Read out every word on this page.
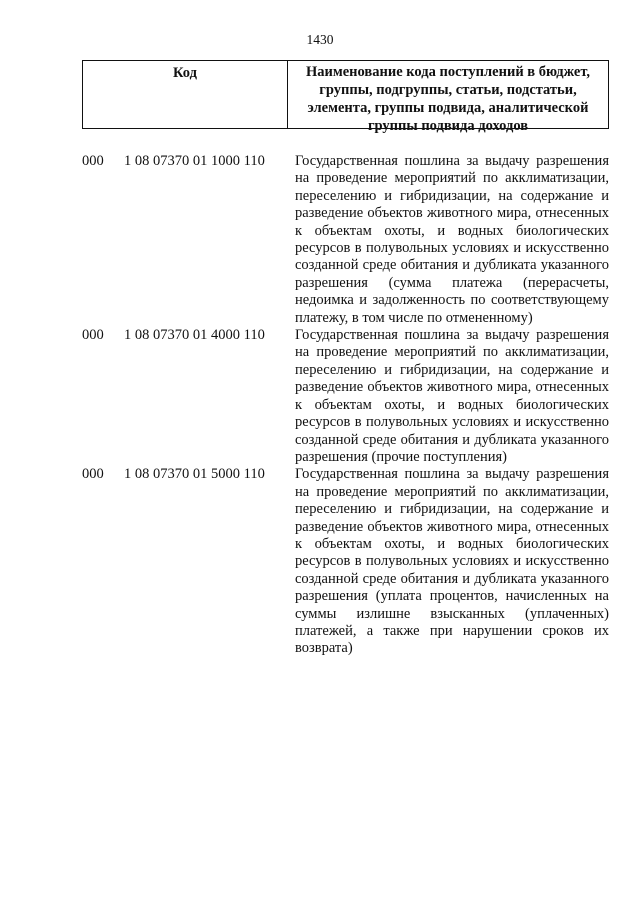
1430
Код	Наименование кода поступлений в бюджет, группы, подгруппы, статьи, подстатьи, элемента, группы подвида, аналитической группы подвида доходов
000	1 08 07370 01 1000 110	Государственная пошлина за выдачу разрешения на проведение мероприятий по акклиматизации, переселению и гибридизации, на содержание и разведение объектов животного мира, отнесенных к объектам охоты, и водных биологических ресурсов в полувольных условиях и искусственно созданной среде обитания и дубликата указанного разрешения (сумма платежа (перерасчеты, недоимка и задолженность по соответствующему платежу, в том числе по отмененному)
000	1 08 07370 01 4000 110	Государственная пошлина за выдачу разрешения на проведение мероприятий по акклиматизации, переселению и гибридизации, на содержание и разведение объектов животного мира, отнесенных к объектам охоты, и водных биологических ресурсов в полувольных условиях и искусственно созданной среде обитания и дубликата указанного разрешения (прочие поступления)
000	1 08 07370 01 5000 110	Государственная пошлина за выдачу разрешения на проведение мероприятий по акклиматизации, переселению и гибридизации, на содержание и разведение объектов животного мира, отнесенных к объектам охоты, и водных биологических ресурсов в полувольных условиях и искусственно созданной среде обитания и дубликата указанного разрешения (уплата процентов, начисленных на суммы излишне взысканных (уплаченных) платежей, а также при нарушении сроков их возврата)
